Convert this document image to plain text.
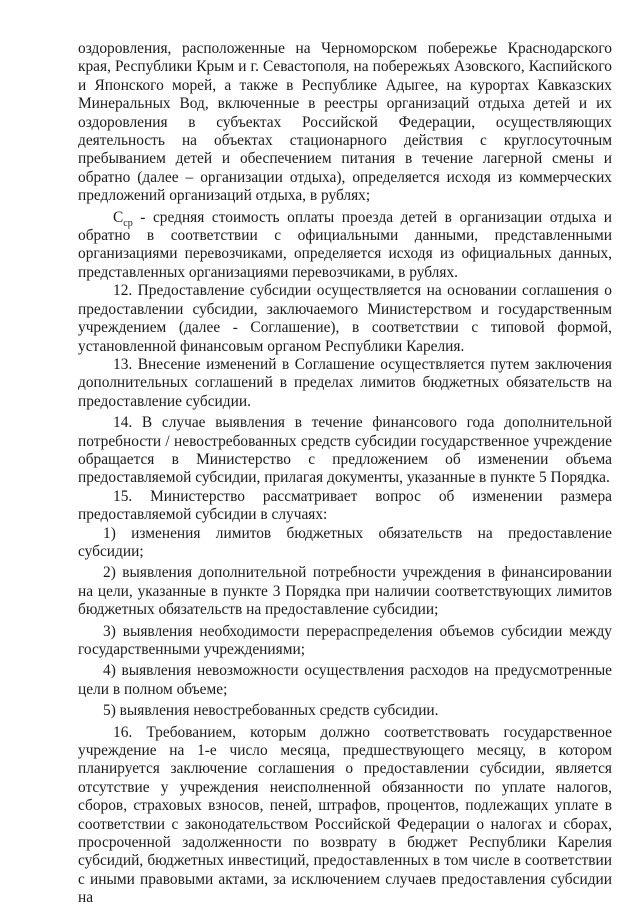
оздоровления, расположенные на Черноморском побережье Краснодарского края, Республики Крым и г. Севастополя, на побережьях Азовского, Каспийского и Японского морей, а также в Республике Адыгее, на курортах Кавказских Минеральных Вод, включенные в реестры организаций отдыха детей и их оздоровления в субъектах Российской Федерации, осуществляющих деятельность на объектах стационарного действия с круглосуточным пребыванием детей и обеспечением питания в течение лагерной смены и обратно (далее – организации отдыха), определяется исходя из коммерческих предложений организаций отдыха, в рублях;

$C_{ср}$ - средняя стоимость оплаты проезда детей в организации отдыха и обратно в соответствии с официальными данными, представленными организациями перевозчиками, определяется исходя из официальных данных, представленных организациями перевозчиками, в рублях.

12. Предоставление субсидии осуществляется на основании соглашения о предоставлении субсидии, заключаемого Министерством и государственным учреждением (далее - Соглашение), в соответствии с типовой формой, установленной финансовым органом Республики Карелия.

13. Внесение изменений в Соглашение осуществляется путем заключения дополнительных соглашений в пределах лимитов бюджетных обязательств на предоставление субсидии.

14. В случае выявления в течение финансового года дополнительной потребности / невостребованных средств субсидии государственное учреждение обращается в Министерство с предложением об изменении объема предоставляемой субсидии, прилагая документы, указанные в пункте 5 Порядка.

15. Министерство рассматривает вопрос об изменении размера предоставляемой субсидии в случаях:

1) изменения лимитов бюджетных обязательств на предоставление субсидии;

2) выявления дополнительной потребности учреждения в финансировании на цели, указанные в пункте 3 Порядка при наличии соответствующих лимитов бюджетных обязательств на предоставление субсидии;

3) выявления необходимости перераспределения объемов субсидии между государственными учреждениями;

4) выявления невозможности осуществления расходов на предусмотренные цели в полном объеме;

5) выявления невостребованных средств субсидии.

16. Требованием, которым должно соответствовать государственное учреждение на 1-е число месяца, предшествующего месяцу, в котором планируется заключение соглашения о предоставлении субсидии, является отсутствие у учреждения неисполненной обязанности по уплате налогов, сборов, страховых взносов, пеней, штрафов, процентов, подлежащих уплате в соответствии с законодательством Российской Федерации о налогах и сборах, просроченной задолженности по возврату в бюджет Республики Карелия субсидий, бюджетных инвестиций, предоставленных в том числе в соответствии с иными правовыми актами, за исключением случаев предоставления субсидии на
